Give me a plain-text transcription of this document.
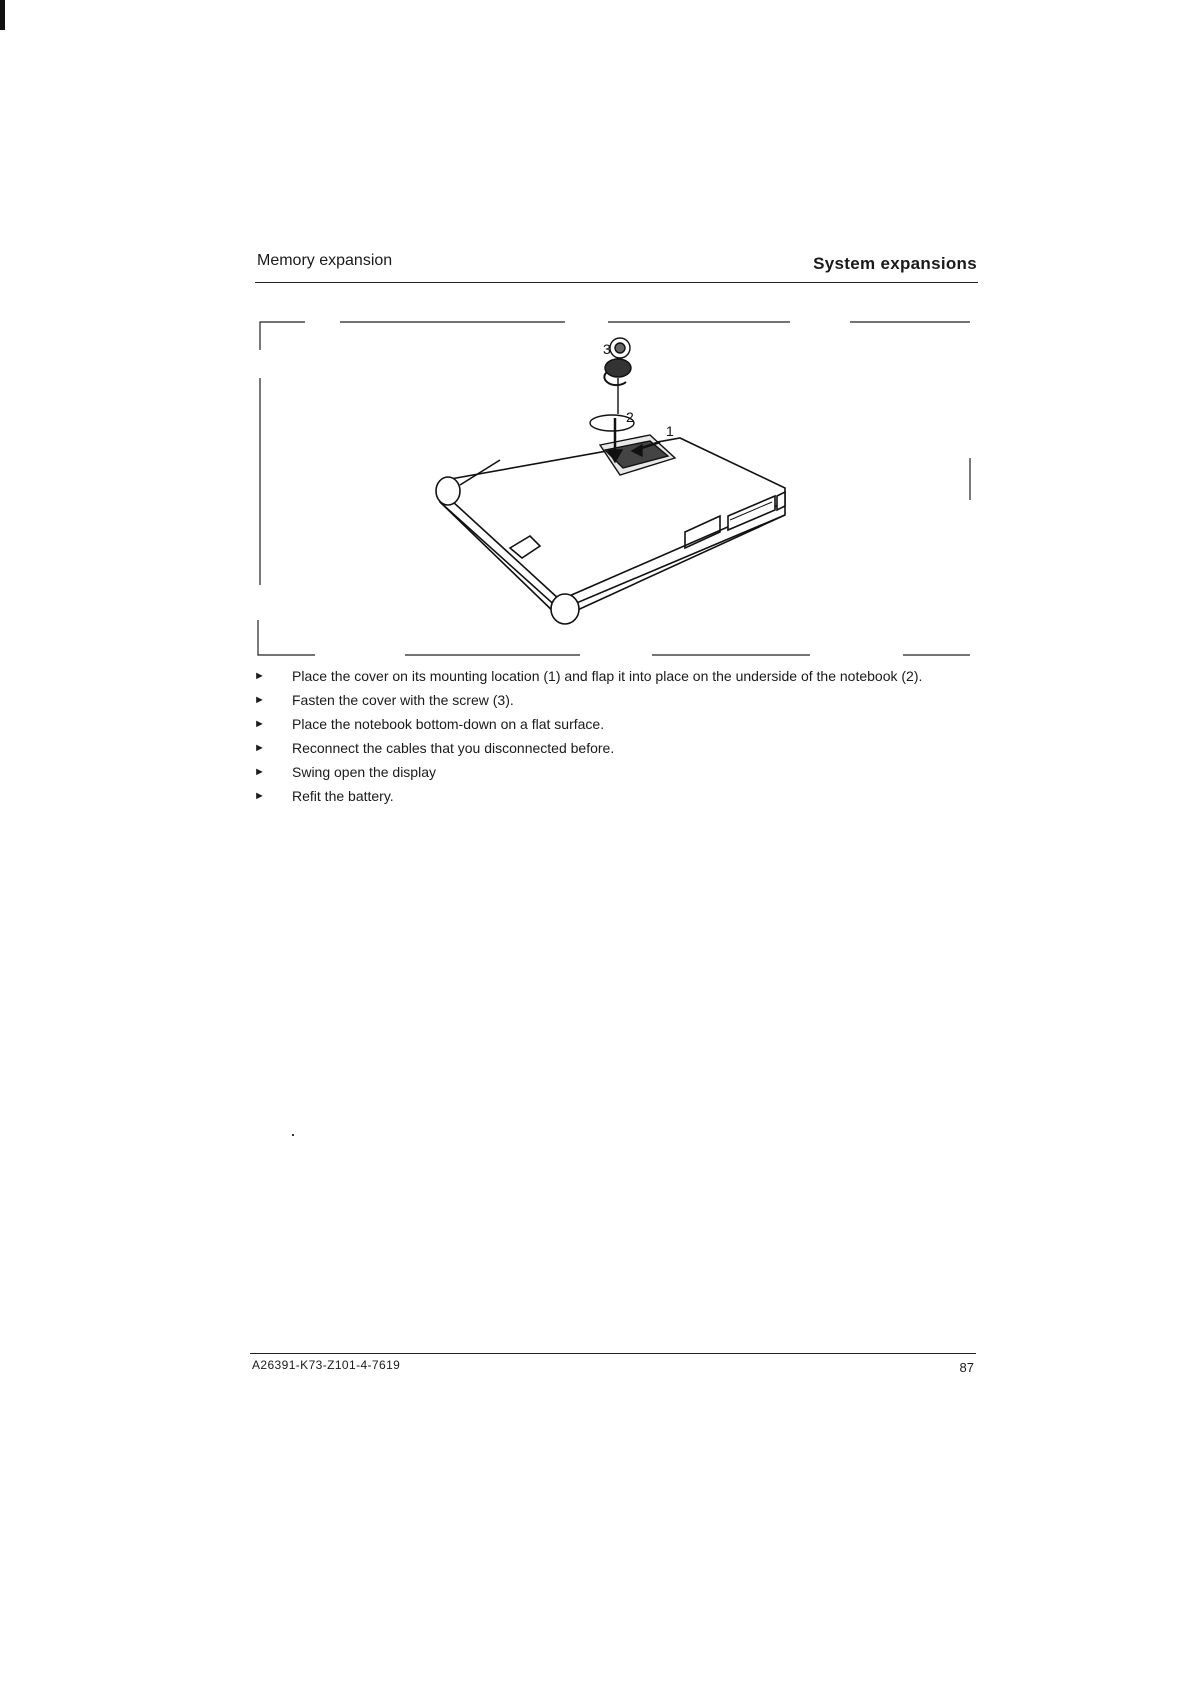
Memory expansion	System expansions
3
2
1
► Place the cover on its mounting location (1) and flap it into place on the underside of the notebook (2).
► Fasten the cover with the screw (3).
► Place the notebook bottom-down on a flat surface.
► Reconnect the cables that you disconnected before.
► Swing open the display
► Refit the battery.
A26391-K73-Z101-4-7619	87
